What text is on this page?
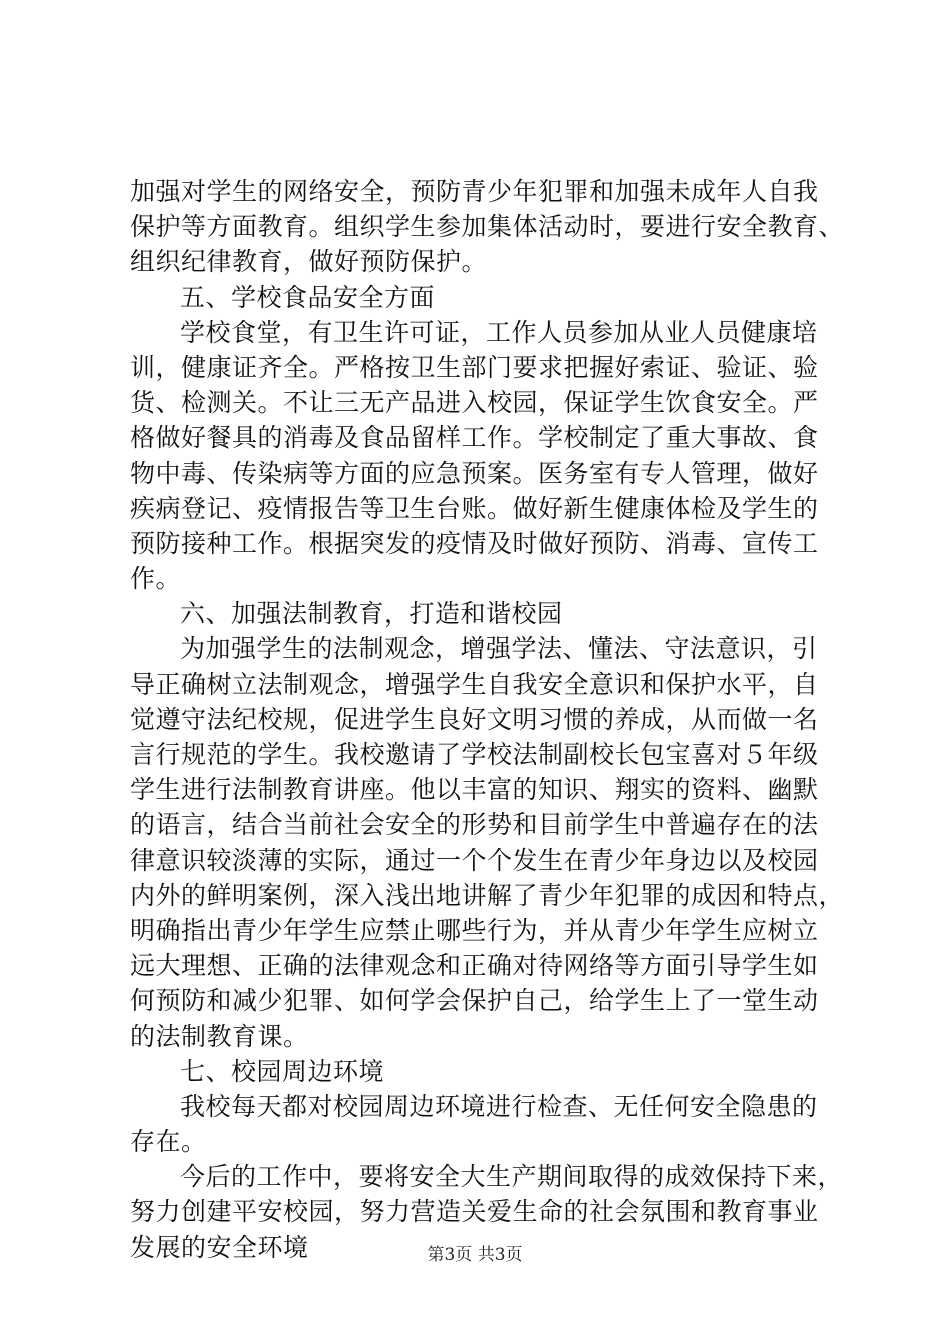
加强对学生的网络安全，预防青少年犯罪和加强未成年人自我
保护等方面教育。组织学生参加集体活动时，要进行安全教育、
组织纪律教育，做好预防保护。
五、学校食品安全方面
学校食堂，有卫生许可证，工作人员参加从业人员健康培
训，健康证齐全。严格按卫生部门要求把握好索证、验证、验
货、检测关。不让三无产品进入校园，保证学生饮食安全。严
格做好餐具的消毒及食品留样工作。学校制定了重大事故、食
物中毒、传染病等方面的应急预案。医务室有专人管理，做好
疾病登记、疫情报告等卫生台账。做好新生健康体检及学生的
预防接种工作。根据突发的疫情及时做好预防、消毒、宣传工
作。
六、加强法制教育，打造和谐校园
为加强学生的法制观念，增强学法、懂法、守法意识，引
导正确树立法制观念，增强学生自我安全意识和保护水平，自
觉遵守法纪校规，促进学生良好文明习惯的养成，从而做一名
言行规范的学生。我校邀请了学校法制副校长包宝喜对５年级
学生进行法制教育讲座。他以丰富的知识、翔实的资料、幽默
的语言，结合当前社会安全的形势和目前学生中普遍存在的法
律意识较淡薄的实际，通过一个个发生在青少年身边以及校园
内外的鲜明案例，深入浅出地讲解了青少年犯罪的成因和特点，
明确指出青少年学生应禁止哪些行为，并从青少年学生应树立
远大理想、正确的法律观念和正确对待网络等方面引导学生如
何预防和减少犯罪、如何学会保护自己，给学生上了一堂生动
的法制教育课。
七、校园周边环境
我校每天都对校园周边环境进行检查、无任何安全隐患的
存在。
今后的工作中，要将安全大生产期间取得的成效保持下来，
努力创建平安校园，努力营造关爱生命的社会氛围和教育事业
发展的安全环境	第3页 共3页
